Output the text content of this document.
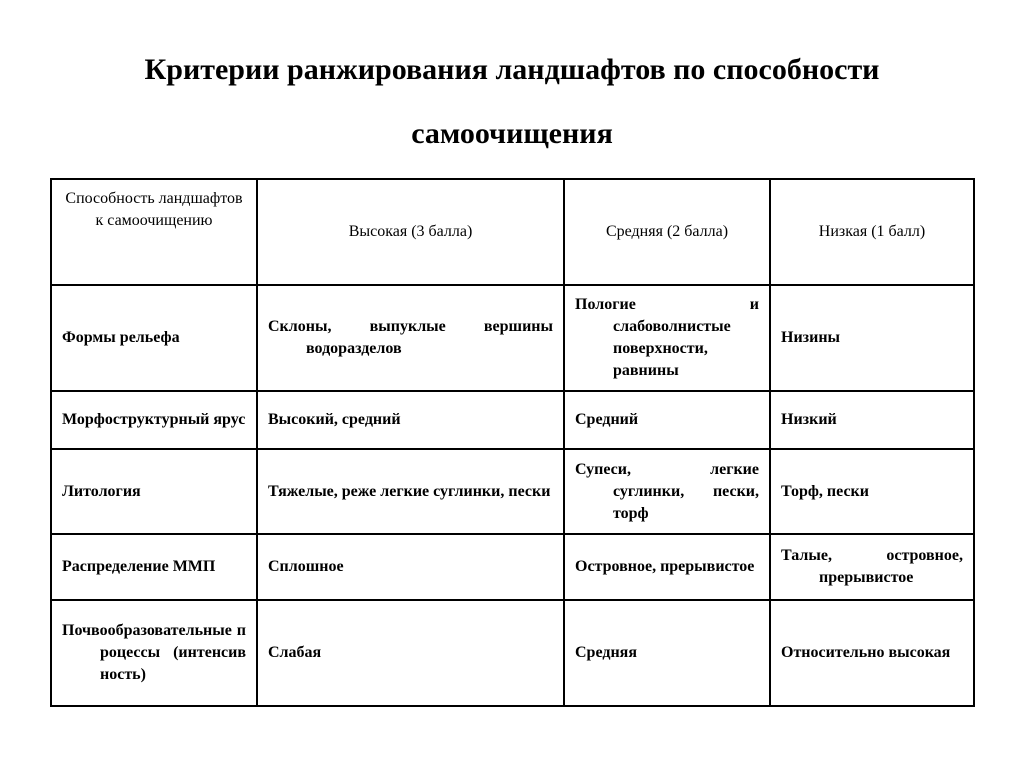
Критерии ранжирования ландшафтов по способности
самоочищения
Способность ландшафтов к самоочищению	Высокая (3 балла)	Средняя (2 балла)	Низкая (1 балл)

Формы рельефа	Склоны, выпуклые вершины водоразделов	Пологие и слабоволнистые поверхности, равнины	Низины
Морфоструктурный ярус	Высокий, средний	Средний	Низкий
Литология	Тяжелые, реже легкие суглинки, пески	Супеси, легкие суглинки, пески, торф	Торф, пески
Распределение ММП	Сплошное	Островное, прерывистое	Талые, островное, прерывистое
Почвообразовательные процессы (интенсивность)	Слабая	Средняя	Относительно высокая
